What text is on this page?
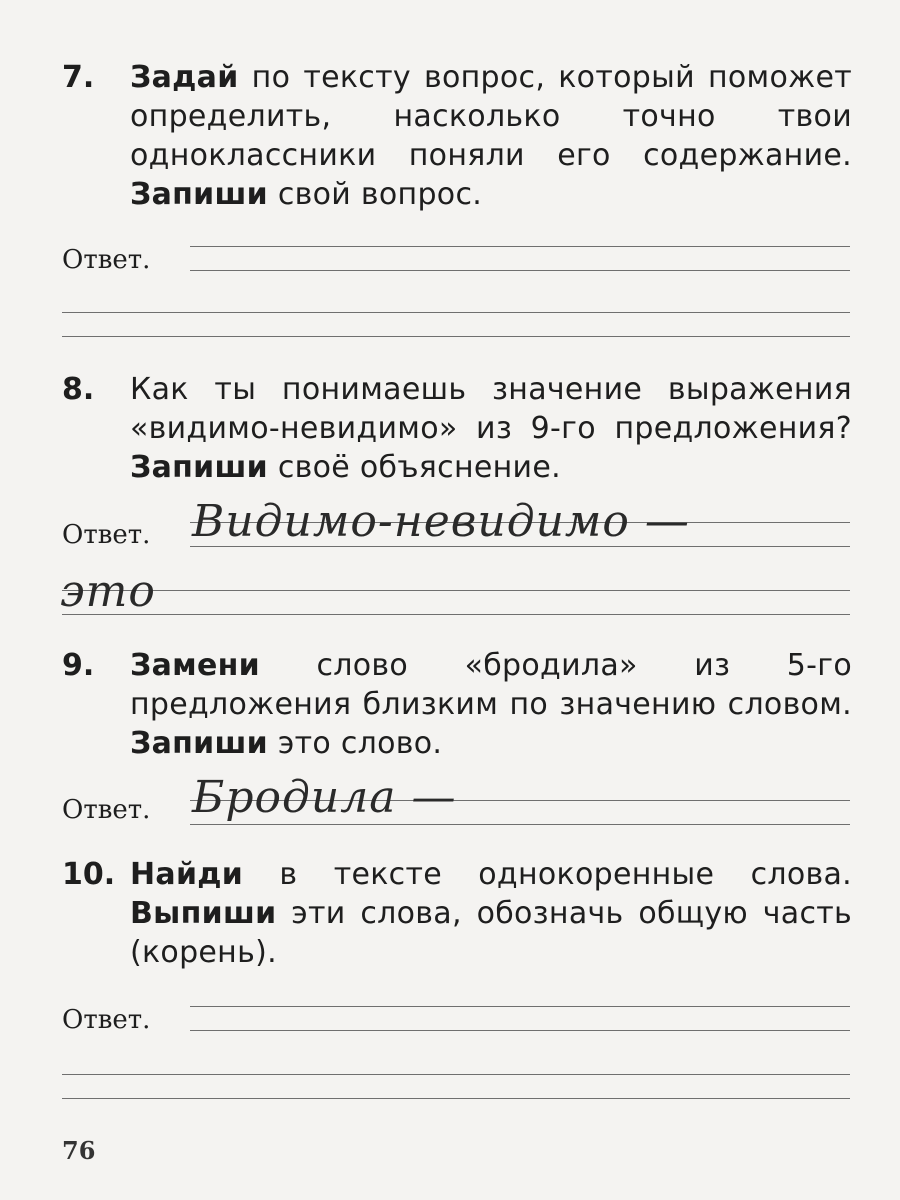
7. Задай по тексту вопрос, который поможет определить, насколько точно твои одноклассники поняли его содержание. Запиши свой вопрос.
Ответ.
8. Как ты понимаешь значение выражения «видимо-невидимо» из 9-го предложения? Запиши своё объяснение.
Ответ. Видимо-невидимо —
это
9. Замени слово «бродила» из 5-го предложения близким по значению словом. Запиши это слово.
Ответ. Бродила —
10. Найди в тексте однокоренные слова. Выпиши эти слова, обозначь общую часть (корень).
Ответ.
76
